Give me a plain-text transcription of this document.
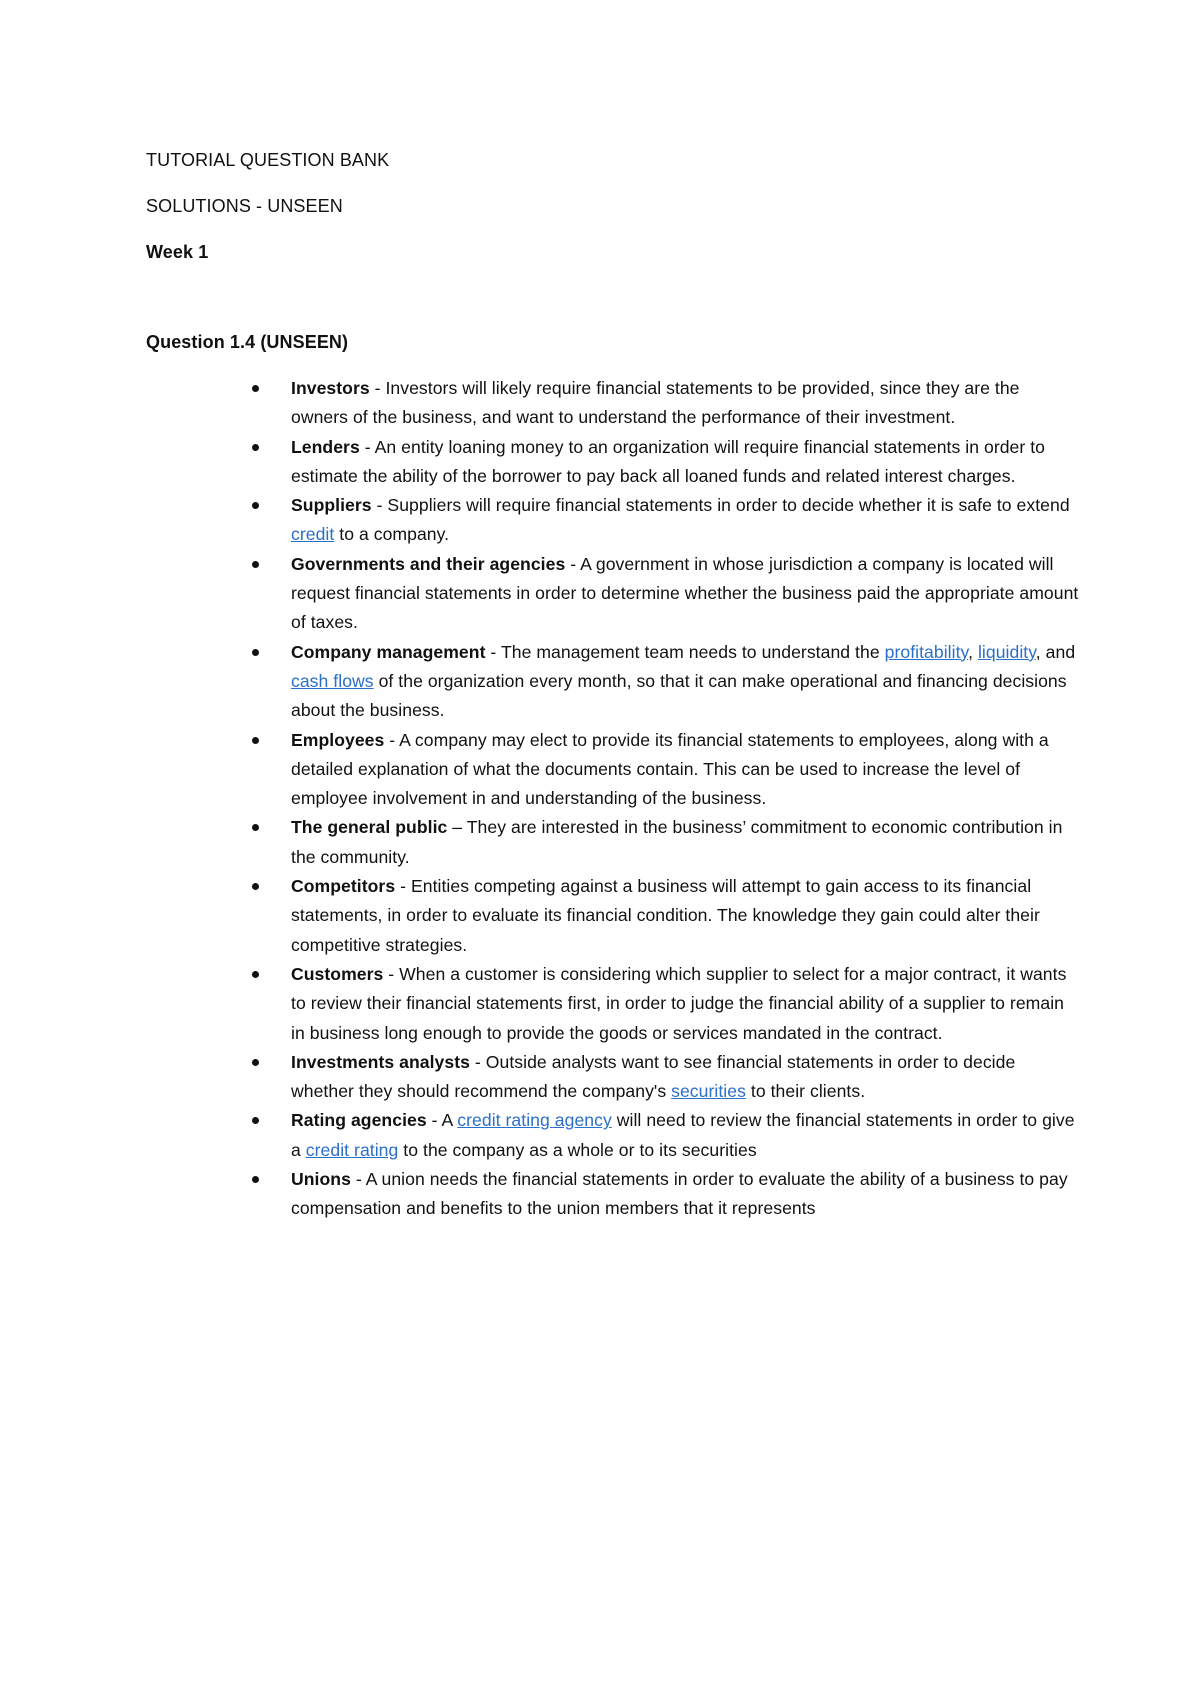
TUTORIAL QUESTION BANK

SOLUTIONS - UNSEEN

Week 1

Question 1.4 (UNSEEN)

Investors - Investors will likely require financial statements to be provided, since they are the owners of the business, and want to understand the performance of their investment.
Lenders - An entity loaning money to an organization will require financial statements in order to estimate the ability of the borrower to pay back all loaned funds and related interest charges.
Suppliers - Suppliers will require financial statements in order to decide whether it is safe to extend credit to a company.
Governments and their agencies - A government in whose jurisdiction a company is located will request financial statements in order to determine whether the business paid the appropriate amount of taxes.
Company management - The management team needs to understand the profitability, liquidity, and cash flows of the organization every month, so that it can make operational and financing decisions about the business.
Employees - A company may elect to provide its financial statements to employees, along with a detailed explanation of what the documents contain. This can be used to increase the level of employee involvement in and understanding of the business.
The general public – They are interested in the business’ commitment to economic contribution in the community.
Competitors - Entities competing against a business will attempt to gain access to its financial statements, in order to evaluate its financial condition. The knowledge they gain could alter their competitive strategies.
Customers - When a customer is considering which supplier to select for a major contract, it wants to review their financial statements first, in order to judge the financial ability of a supplier to remain in business long enough to provide the goods or services mandated in the contract.
Investments analysts - Outside analysts want to see financial statements in order to decide whether they should recommend the company's securities to their clients.
Rating agencies - A credit rating agency will need to review the financial statements in order to give a credit rating to the company as a whole or to its securities
Unions - A union needs the financial statements in order to evaluate the ability of a business to pay compensation and benefits to the union members that it represents
